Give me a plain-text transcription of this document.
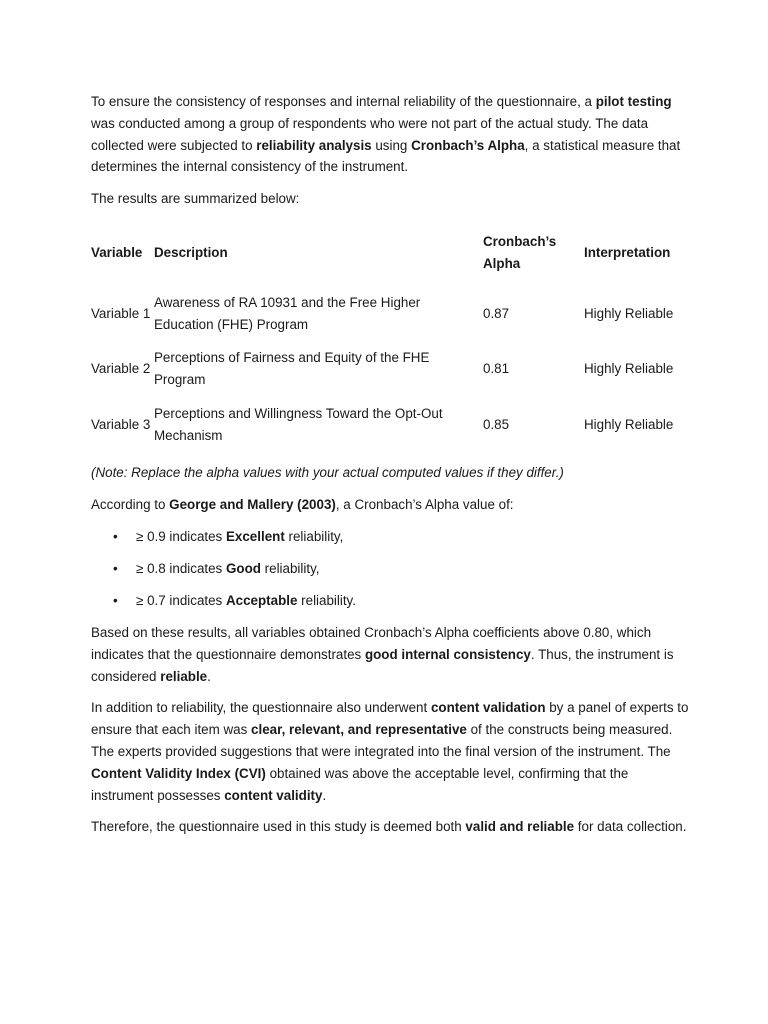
To ensure the consistency of responses and internal reliability of the questionnaire, a pilot testing was conducted among a group of respondents who were not part of the actual study. The data collected were subjected to reliability analysis using Cronbach’s Alpha, a statistical measure that determines the internal consistency of the instrument.

The results are summarized below:

Variable	Description	Cronbach’s Alpha	Interpretation
Variable 1	Awareness of RA 10931 and the Free Higher Education (FHE) Program	0.87	Highly Reliable
Variable 2	Perceptions of Fairness and Equity of the FHE Program	0.81	Highly Reliable
Variable 3	Perceptions and Willingness Toward the Opt-Out Mechanism	0.85	Highly Reliable

(Note: Replace the alpha values with your actual computed values if they differ.)

According to George and Mallery (2003), a Cronbach’s Alpha value of:

• ≥ 0.9 indicates Excellent reliability,
• ≥ 0.8 indicates Good reliability,
• ≥ 0.7 indicates Acceptable reliability.

Based on these results, all variables obtained Cronbach’s Alpha coefficients above 0.80, which indicates that the questionnaire demonstrates good internal consistency. Thus, the instrument is considered reliable.

In addition to reliability, the questionnaire also underwent content validation by a panel of experts to ensure that each item was clear, relevant, and representative of the constructs being measured. The experts provided suggestions that were integrated into the final version of the instrument. The Content Validity Index (CVI) obtained was above the acceptable level, confirming that the instrument possesses content validity.

Therefore, the questionnaire used in this study is deemed both valid and reliable for data collection.
